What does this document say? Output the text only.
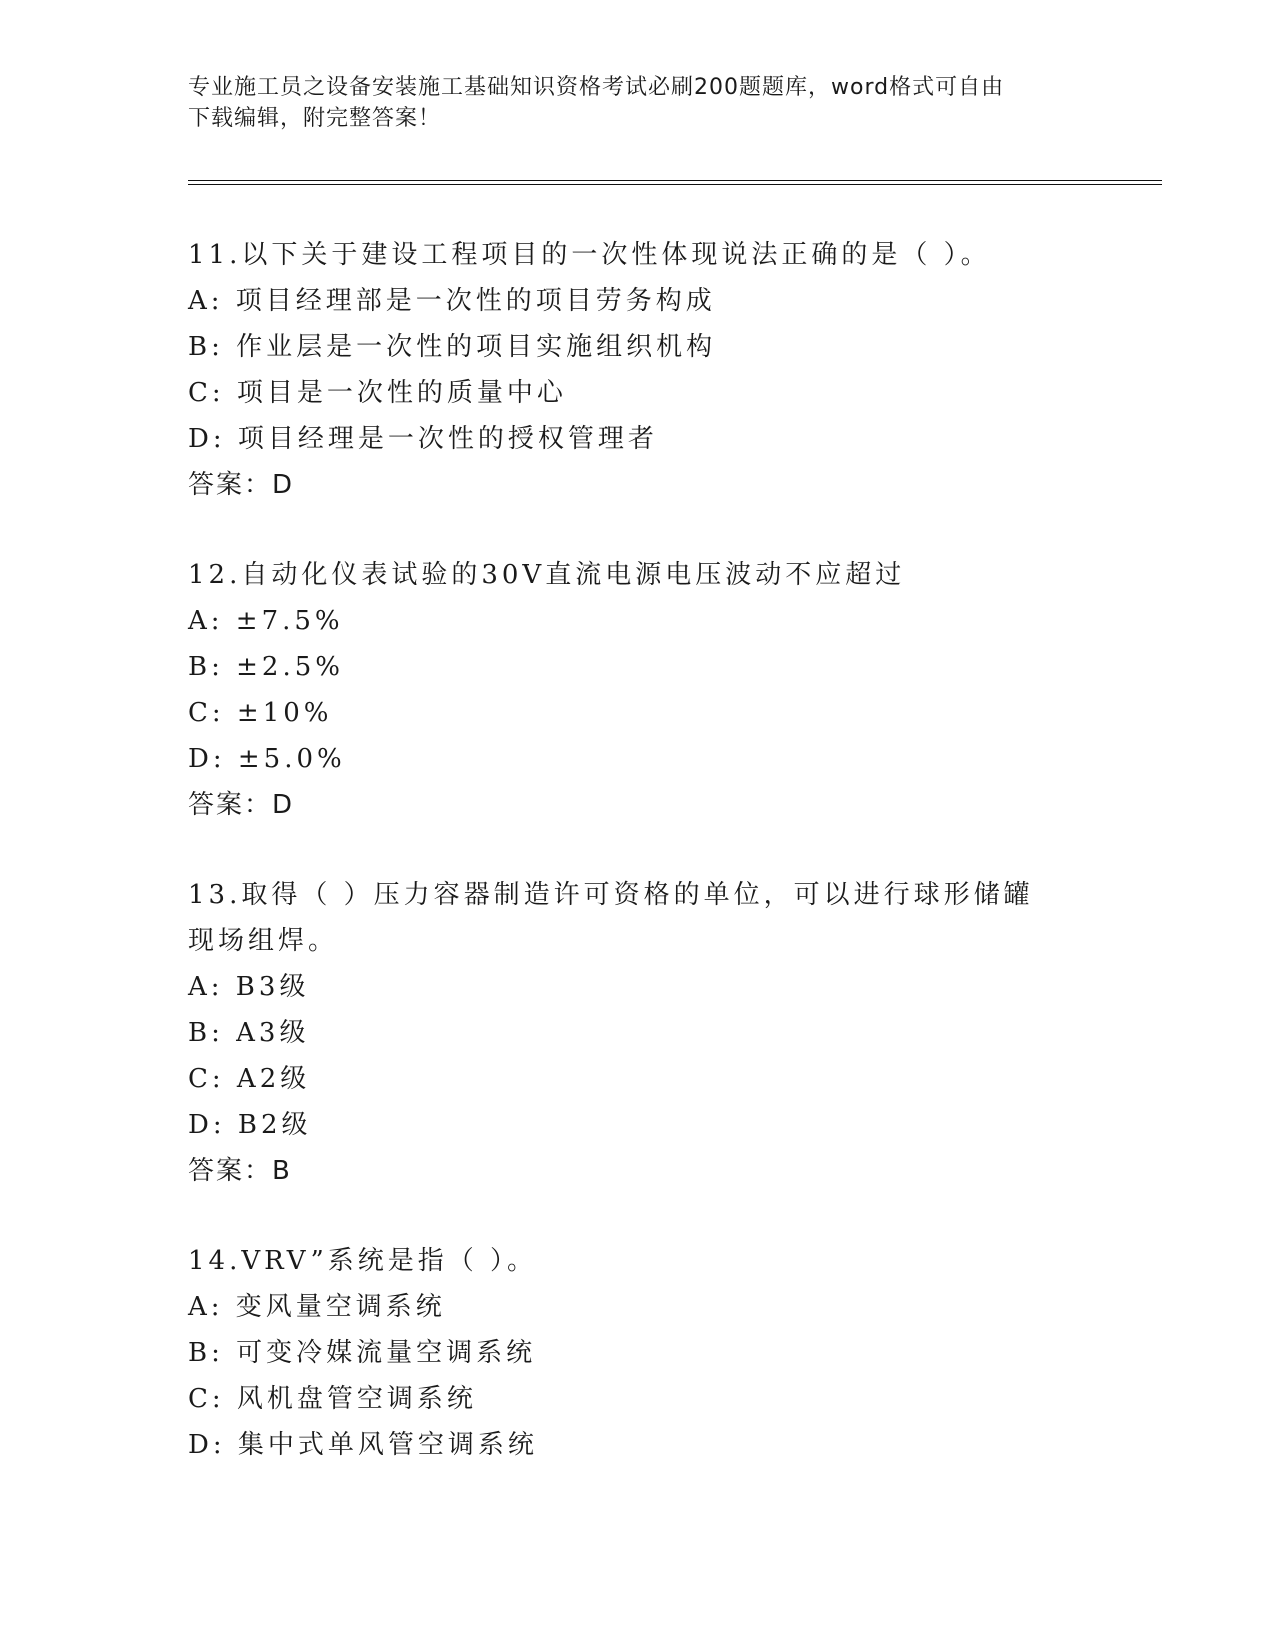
专业施工员之设备安装施工基础知识资格考试必刷200题题库，word格式可自由
下载编辑，附完整答案！
11.以下关于建设工程项目的一次性体现说法正确的是（ ）。
A: 项目经理部是一次性的项目劳务构成
B: 作业层是一次性的项目实施组织机构
C: 项目是一次性的质量中心
D: 项目经理是一次性的授权管理者
答案：D
12.自动化仪表试验的30V直流电源电压波动不应超过
A: ±7.5%
B: ±2.5%
C: ±10%
D: ±5.0%
答案：D
13.取得（ ）压力容器制造许可资格的单位，可以进行球形储罐现场组焊。
A: B3级
B: A3级
C: A2级
D: B2级
答案：B
14.VRV”系统是指（ ）。
A: 变风量空调系统
B: 可变冷媒流量空调系统
C: 风机盘管空调系统
D: 集中式单风管空调系统
